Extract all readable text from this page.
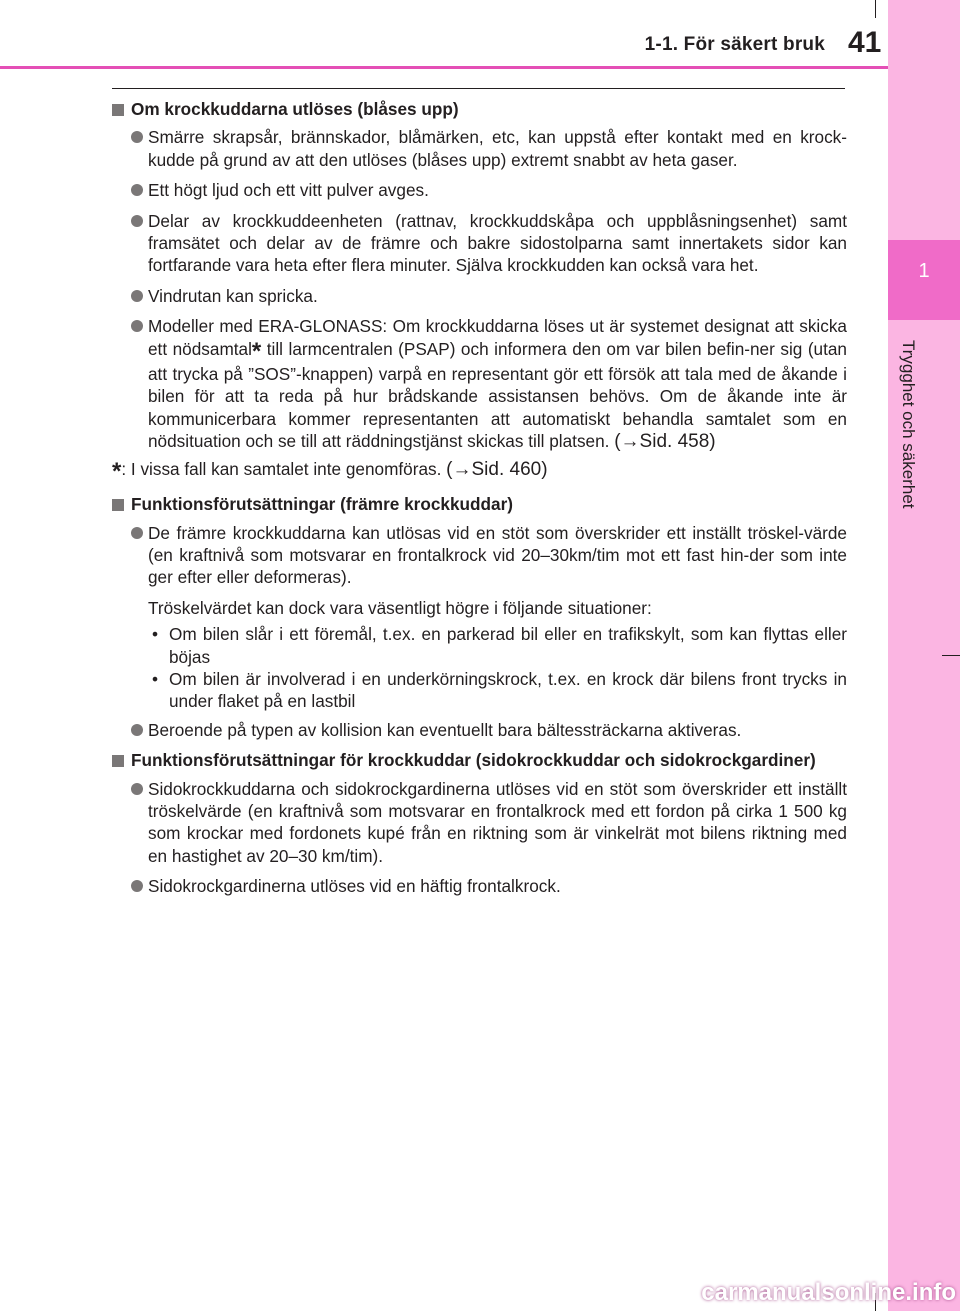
1
Trygghet och säkerhet
1-1. För säkert bruk 41
Om krockkuddarna utlöses (blåses upp)
Smärre skrapsår, brännskador, blåmärken, etc, kan uppstå efter kontakt med en krock-kudde på grund av att den utlöses (blåses upp) extremt snabbt av heta gaser.
Ett högt ljud och ett vitt pulver avges.
Delar av krockkuddeenheten (rattnav, krockkuddskåpa och uppblåsningsenhet) samt framsätet och delar av de främre och bakre sidostolparna samt innertakets sidor kan fortfarande vara heta efter flera minuter. Själva krockkudden kan också vara het.
Vindrutan kan spricka.
Modeller med ERA-GLONASS: Om krockkuddarna löses ut är systemet designat att skicka ett nödsamtal* till larmcentralen (PSAP) och informera den om var bilen befin-ner sig (utan att trycka på ”SOS”-knappen) varpå en representant gör ett försök att tala med de åkande i bilen för att ta reda på hur brådskande assistansen behövs. Om de åkande inte är kommunicerbara kommer representanten att automatiskt behandla samtalet som en nödsituation och se till att räddningstjänst skickas till platsen. (→Sid. 458)
*: I vissa fall kan samtalet inte genomföras. (→Sid. 460)
Funktionsförutsättningar (främre krockkuddar)
De främre krockkuddarna kan utlösas vid en stöt som överskrider ett inställt tröskel-värde (en kraftnivå som motsvarar en frontalkrock vid 20–30km/tim mot ett fast hin-der som inte ger efter eller deformeras).
Tröskelvärdet kan dock vara väsentligt högre i följande situationer:
• Om bilen slår i ett föremål, t.ex. en parkerad bil eller en trafikskylt, som kan flyttas eller böjas
• Om bilen är involverad i en underkörningskrock, t.ex. en krock där bilens front trycks in under flaket på en lastbil
Beroende på typen av kollision kan eventuellt bara bältessträckarna aktiveras.
Funktionsförutsättningar för krockkuddar (sidokrockkuddar och sidokrockgardiner)
Sidokrockkuddarna och sidokrockgardinerna utlöses vid en stöt som överskrider ett inställt tröskelvärde (en kraftnivå som motsvarar en frontalkrock med ett fordon på cirka 1 500 kg som krockar med fordonets kupé från en riktning som är vinkelrät mot bilens riktning med en hastighet av 20–30 km/tim).
Sidokrockgardinerna utlöses vid en häftig frontalkrock.
carmanualsonline.info
